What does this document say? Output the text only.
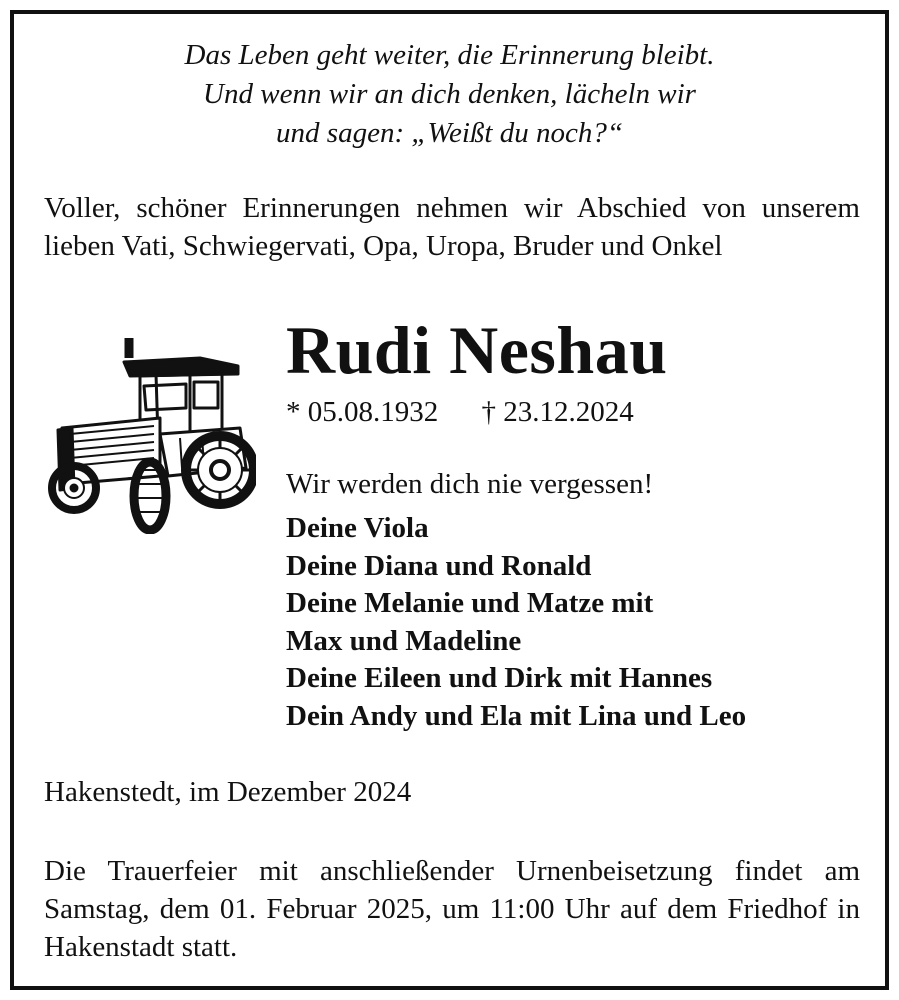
Das Leben geht weiter, die Erinnerung bleibt.
Und wenn wir an dich denken, lächeln wir
und sagen: „Weißt du noch?“
Voller, schöner Erinnerungen nehmen wir Abschied von unserem lieben Vati, Schwiegervati, Opa, Uropa, Bruder und Onkel
Rudi Neshau
* 05.08.1932 † 23.12.2024
Wir werden dich nie vergessen!
Deine Viola
Deine Diana und Ronald
Deine Melanie und Matze mit
Max und Madeline
Deine Eileen und Dirk mit Hannes
Dein Andy und Ela mit Lina und Leo
Hakenstedt, im Dezember 2024
Die Trauerfeier mit anschließender Urnenbeisetzung findet am Samstag, dem 01. Februar 2025, um 11:00 Uhr auf dem Friedhof in Hakenstadt statt.
